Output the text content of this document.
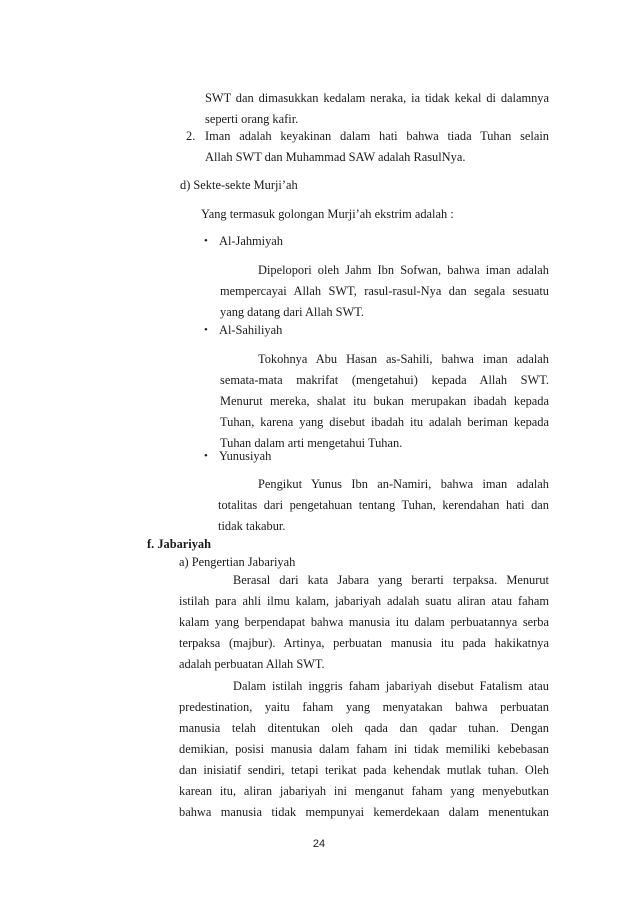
SWT dan dimasukkan kedalam neraka, ia tidak kekal di dalamnya
seperti orang kafir.
2. Iman adalah keyakinan dalam hati bahwa tiada Tuhan selain
Allah SWT dan Muhammad SAW adalah RasulNya.
d) Sekte-sekte Murji’ah
Yang termasuk golongan Murji’ah ekstrim adalah :
• Al-Jahmiyah
Dipelopori oleh Jahm Ibn Sofwan, bahwa iman adalah
mempercayai Allah SWT, rasul-rasul-Nya dan segala sesuatu
yang datang dari Allah SWT.
• Al-Sahiliyah
Tokohnya Abu Hasan as-Sahili, bahwa iman adalah
semata-mata makrifat (mengetahui) kepada Allah SWT.
Menurut mereka, shalat itu bukan merupakan ibadah kepada
Tuhan, karena yang disebut ibadah itu adalah beriman kepada
Tuhan dalam arti mengetahui Tuhan.
• Yunusiyah
Pengikut Yunus Ibn an-Namiri, bahwa iman adalah
totalitas dari pengetahuan tentang Tuhan, kerendahan hati dan
tidak takabur.
f. Jabariyah
a) Pengertian Jabariyah
Berasal dari kata Jabara yang berarti terpaksa. Menurut
istilah para ahli ilmu kalam, jabariyah adalah suatu aliran atau faham
kalam yang berpendapat bahwa manusia itu dalam perbuatannya serba
terpaksa (majbur). Artinya, perbuatan manusia itu pada hakikatnya
adalah perbuatan Allah SWT.
Dalam istilah inggris faham jabariyah disebut Fatalism atau
predestination, yaitu faham yang menyatakan bahwa perbuatan
manusia telah ditentukan oleh qada dan qadar tuhan. Dengan
demikian, posisi manusia dalam faham ini tidak memiliki kebebasan
dan inisiatif sendiri, tetapi terikat pada kehendak mutlak tuhan. Oleh
karean itu, aliran jabariyah ini menganut faham yang menyebutkan
bahwa manusia tidak mempunyai kemerdekaan dalam menentukan
24
